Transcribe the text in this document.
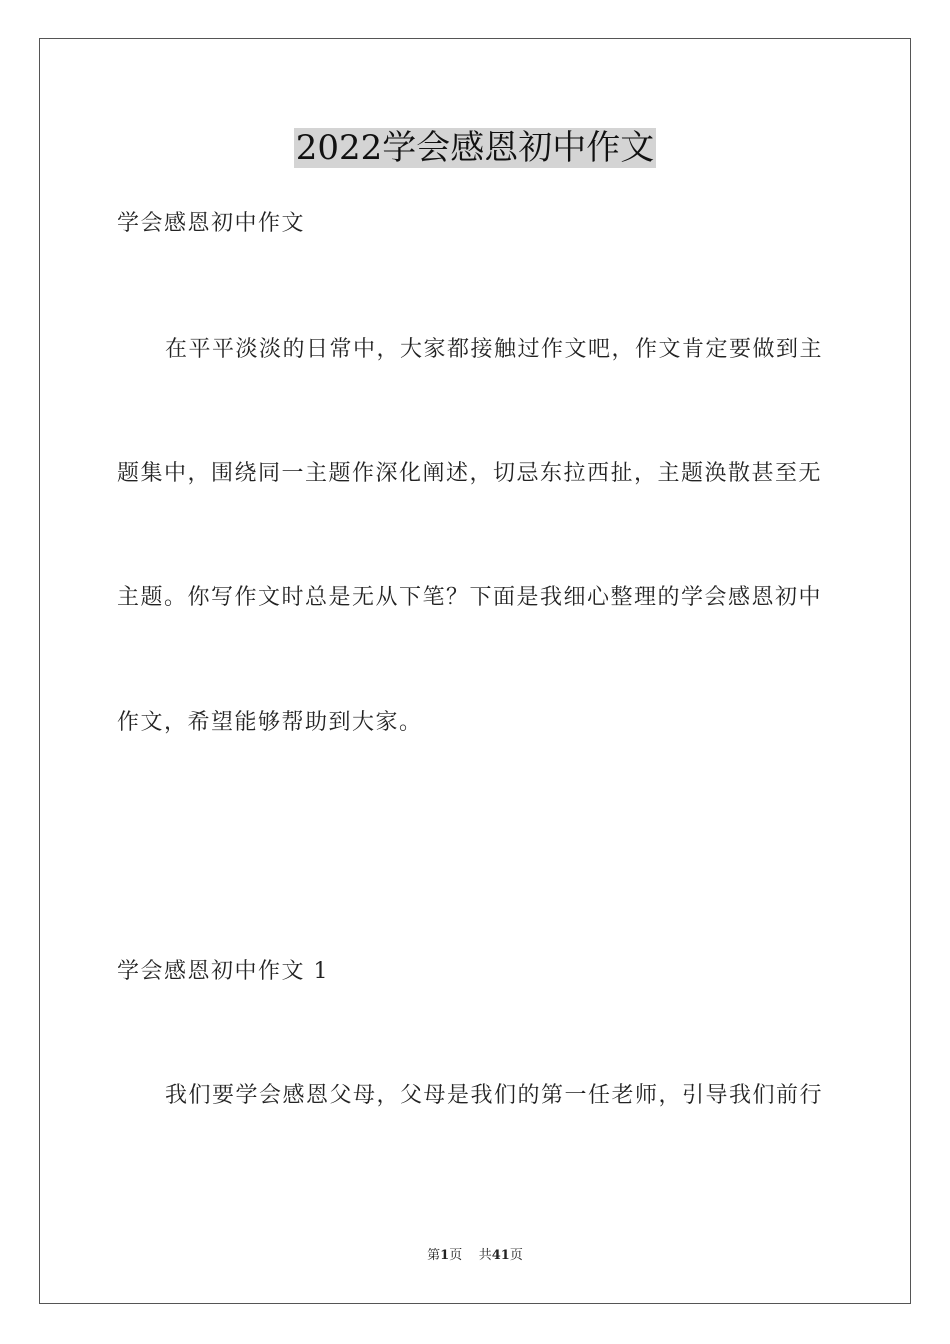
2022学会感恩初中作文
学会感恩初中作文
在平平淡淡的日常中，大家都接触过作文吧，作文肯定要做到主
题集中，围绕同一主题作深化阐述，切忌东拉西扯，主题涣散甚至无
主题。你写作文时总是无从下笔？下面是我细心整理的学会感恩初中
作文，希望能够帮助到大家。
学会感恩初中作文 1
我们要学会感恩父母，父母是我们的第一任老师，引导我们前行
第1页 共41页
